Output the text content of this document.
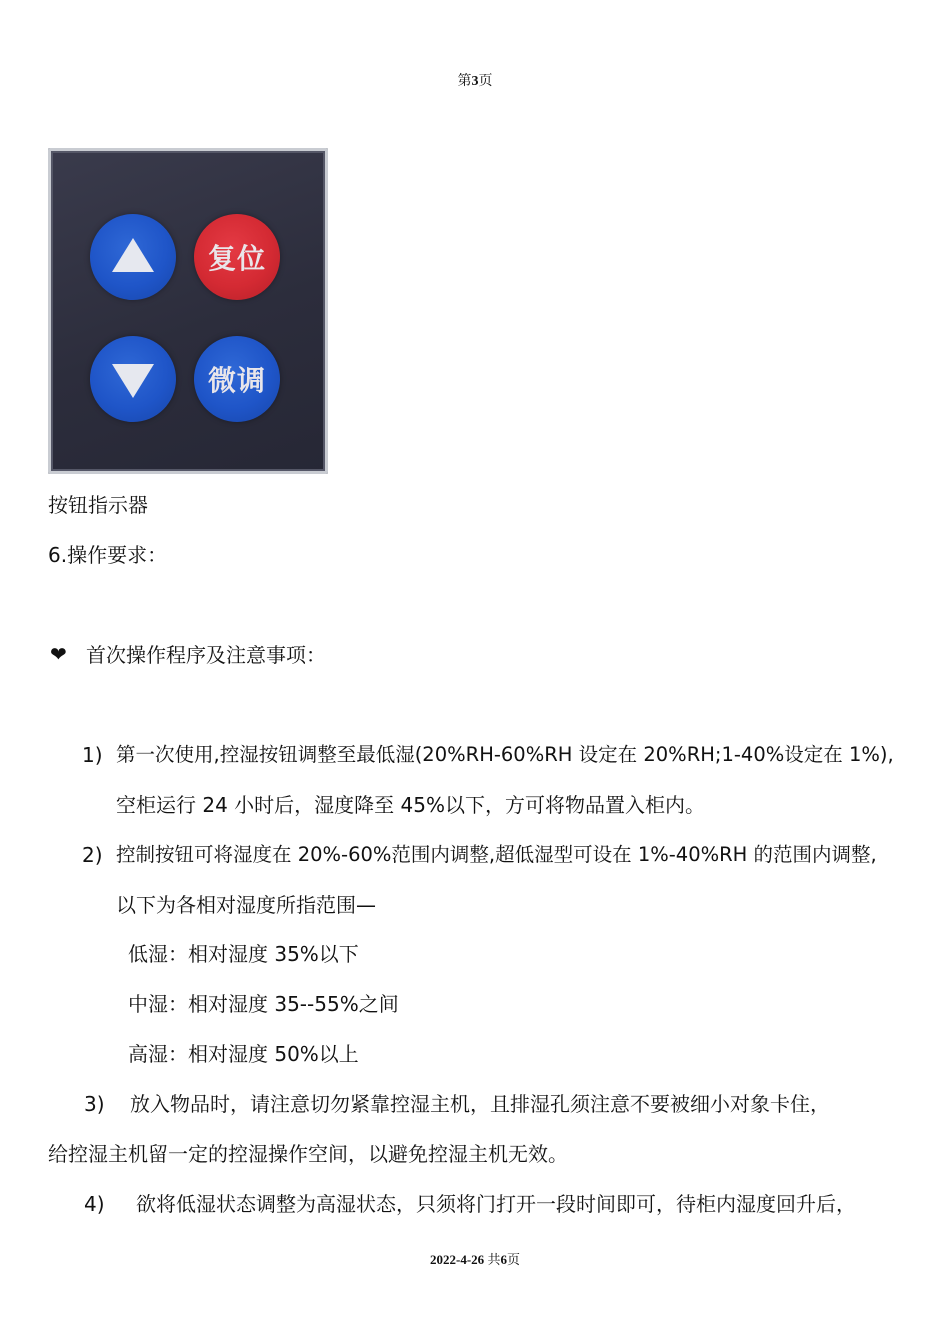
第3页
复位
微调
按钮指示器
6.操作要求：
❤ 首次操作程序及注意事项：
1) 第一次使用,控湿按钮调整至最低湿(20%RH-60%RH 设定在 20%RH;1-40%设定在 1%),
空柜运行 24 小时后，湿度降至 45%以下，方可将物品置入柜内。
2) 控制按钮可将湿度在 20%-60%范围内调整,超低湿型可设在 1%-40%RH 的范围内调整,
以下为各相对湿度所指范围—
低湿：相对湿度 35%以下
中湿：相对湿度 35--55%之间
高湿：相对湿度 50%以上
3) 放入物品时，请注意切勿紧靠控湿主机，且排湿孔须注意不要被细小对象卡住，
给控湿主机留一定的控湿操作空间，以避免控湿主机无效。
4) 欲将低湿状态调整为高湿状态，只须将门打开一段时间即可，待柜内湿度回升后，
2022-4-26 共6页
